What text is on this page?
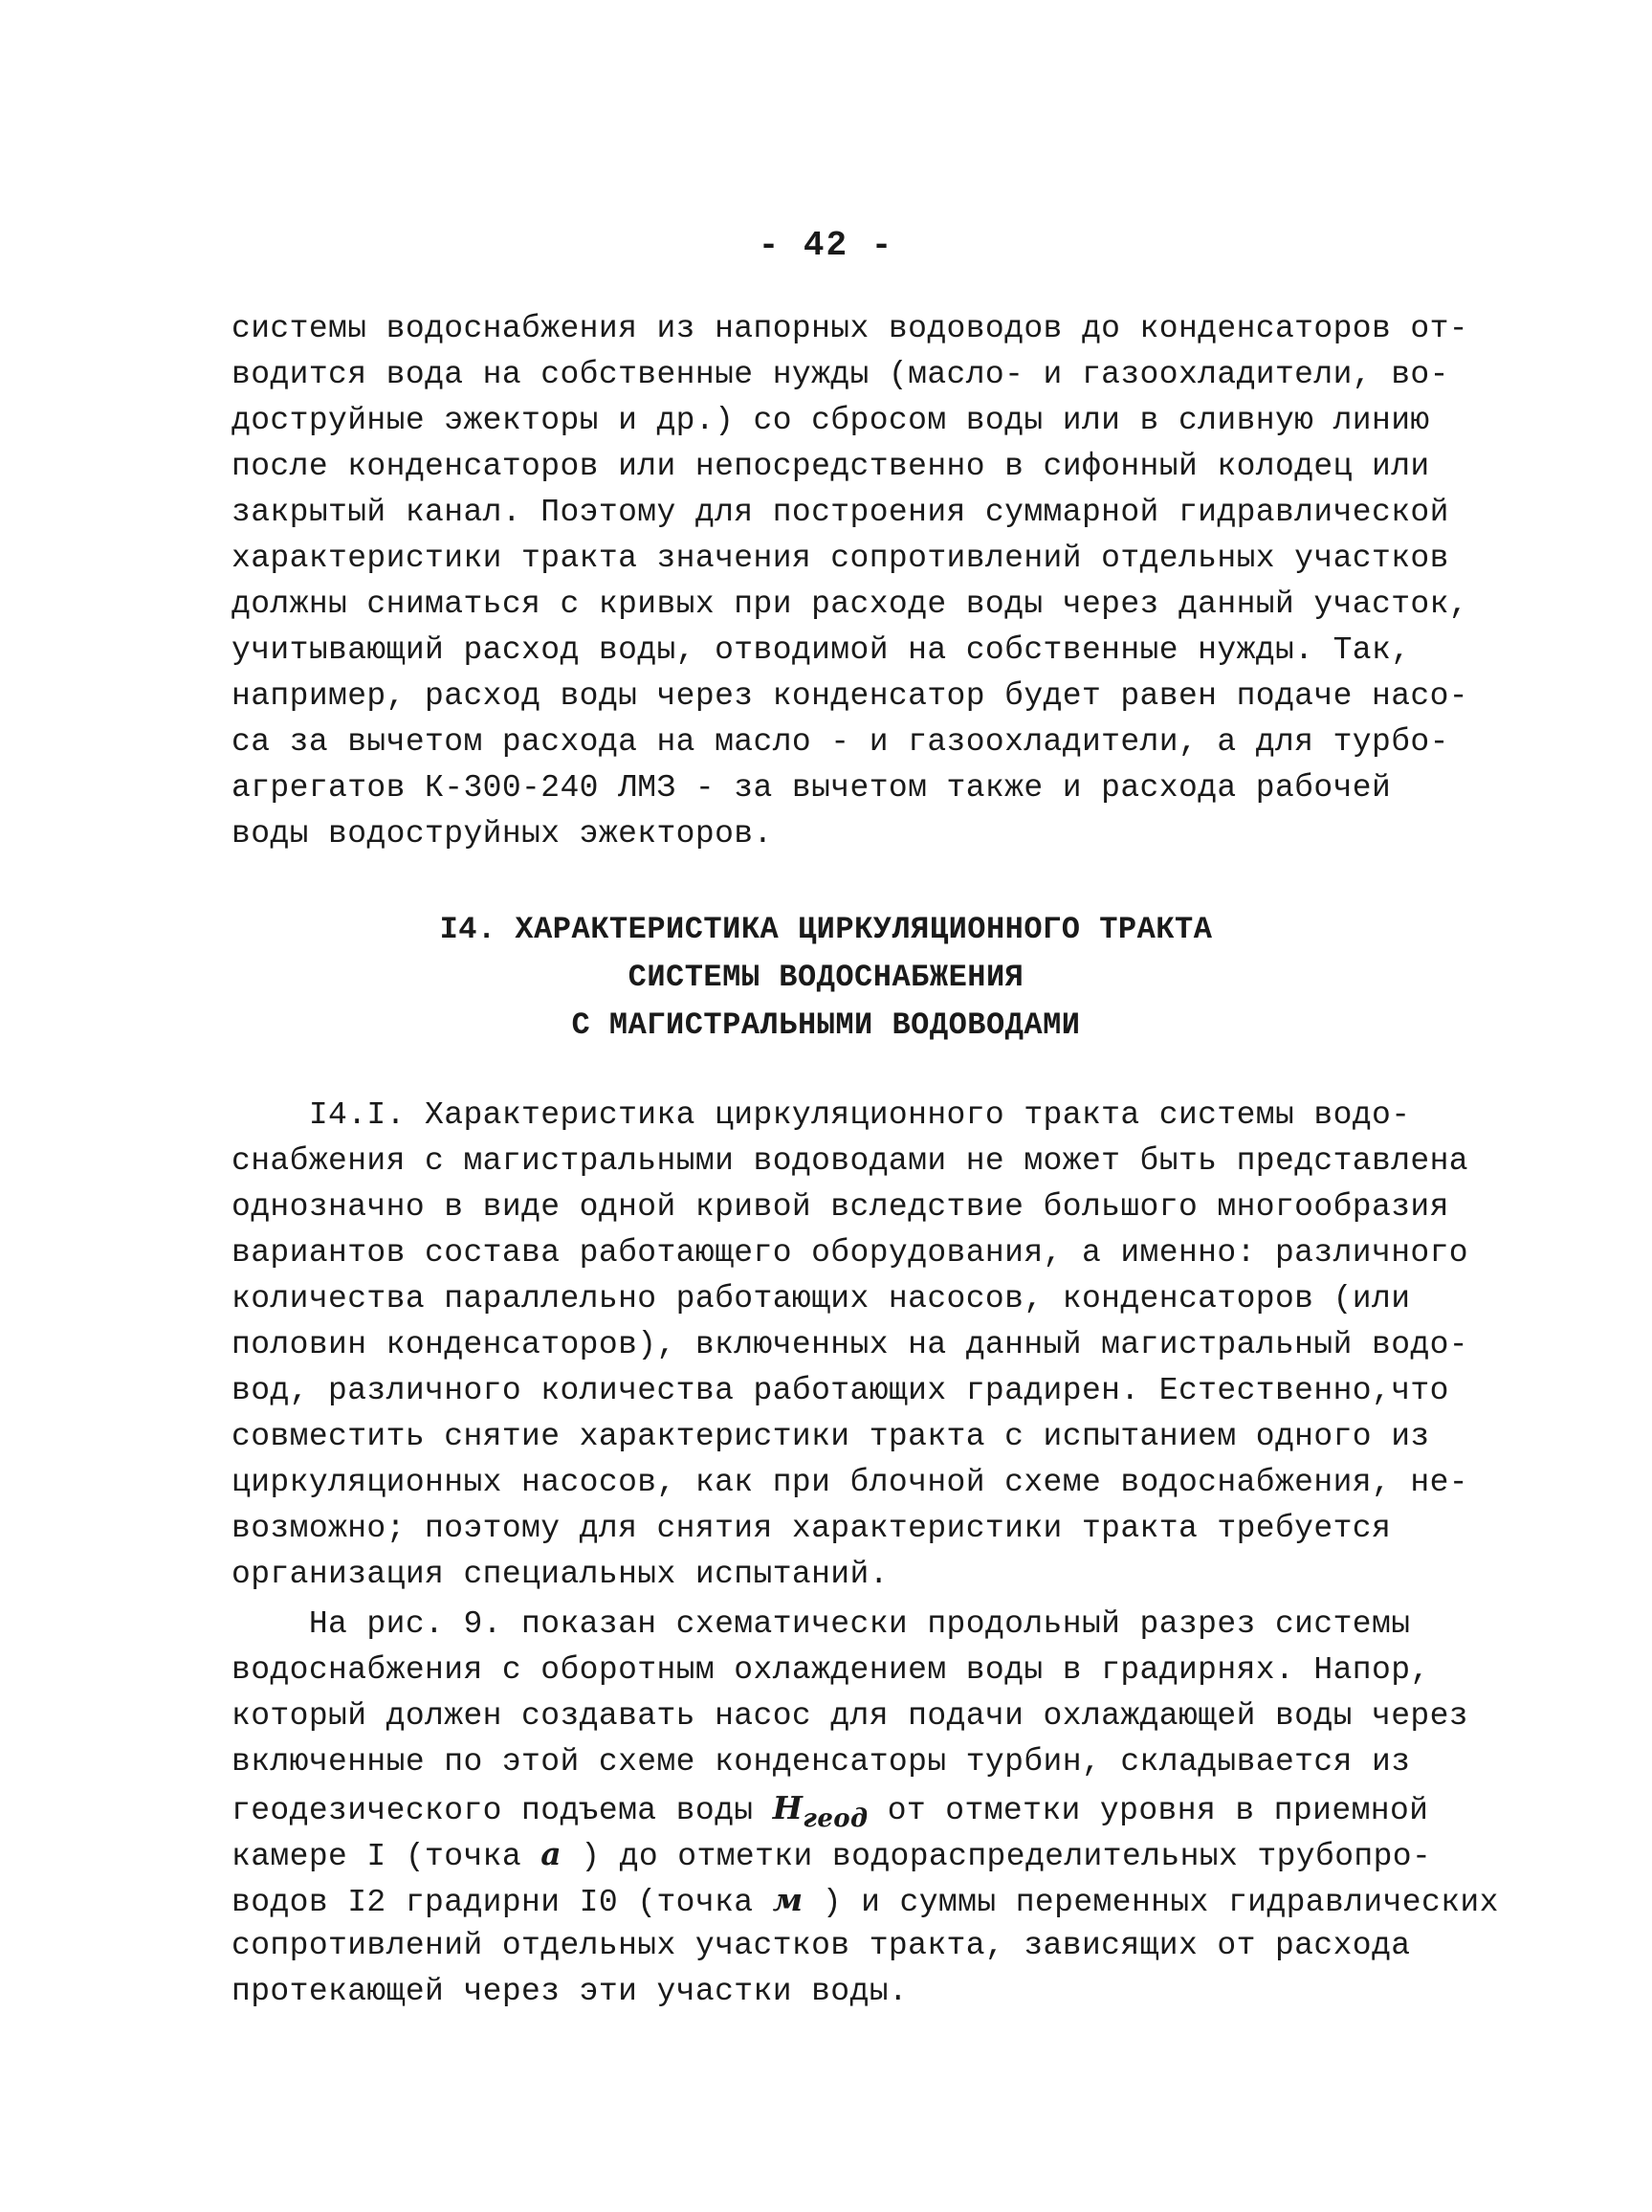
- 42 -
системы водоснабжения из напорных водоводов до конденсаторов от-
водится вода на собственные нужды (масло- и газоохладители, во-
доструйные эжекторы и др.) со сбросом воды или в сливную линию
после конденсаторов или непосредственно в сифонный колодец или
закрытый канал. Поэтому для построения суммарной гидравлической
характеристики тракта значения сопротивлений отдельных участков
должны сниматься с кривых при расходе воды через данный участок,
учитывающий расход воды, отводимой на собственные нужды. Так,
например, расход воды через конденсатор будет равен подаче насо-
са за вычетом расхода на масло - и газоохладители, а для турбо-
агрегатов К-300-240 ЛМЗ - за вычетом также и расхода рабочей
воды водоструйных эжекторов.
I4. ХАРАКТЕРИСТИКА ЦИРКУЛЯЦИОННОГО ТРАКТА
СИСТЕМЫ ВОДОСНАБЖЕНИЯ
С МАГИСТРАЛЬНЫМИ ВОДОВОДАМИ
I4.I. Характеристика циркуляционного тракта системы водо-
снабжения с магистральными водоводами не может быть представлена
однозначно в виде одной кривой вследствие большого многообразия
вариантов состава работающего оборудования, а именно: различного
количества параллельно работающих насосов, конденсаторов (или
половин конденсаторов), включенных на данный магистральный водо-
вод, различного количества работающих градирен. Естественно,что
совместить снятие характеристики тракта с испытанием одного из
циркуляционных насосов, как при блочной схеме водоснабжения, не-
возможно; поэтому для снятия характеристики тракта требуется
организация специальных испытаний.
На рис. 9. показан схематически продольный разрез системы
водоснабжения с оборотным охлаждением воды в градирнях. Напор,
который должен создавать насос для подачи охлаждающей воды через
включенные по этой схеме конденсаторы турбин, складывается из
геодезического подъема воды $H_{геод}$ от отметки уровня в приемной
камере I (точка a ) до отметки водораспределительных трубопро-
водов I2 градирни I0 (точка м ) и суммы переменных гидравлических
сопротивлений отдельных участков тракта, зависящих от расхода
протекающей через эти участки воды.
